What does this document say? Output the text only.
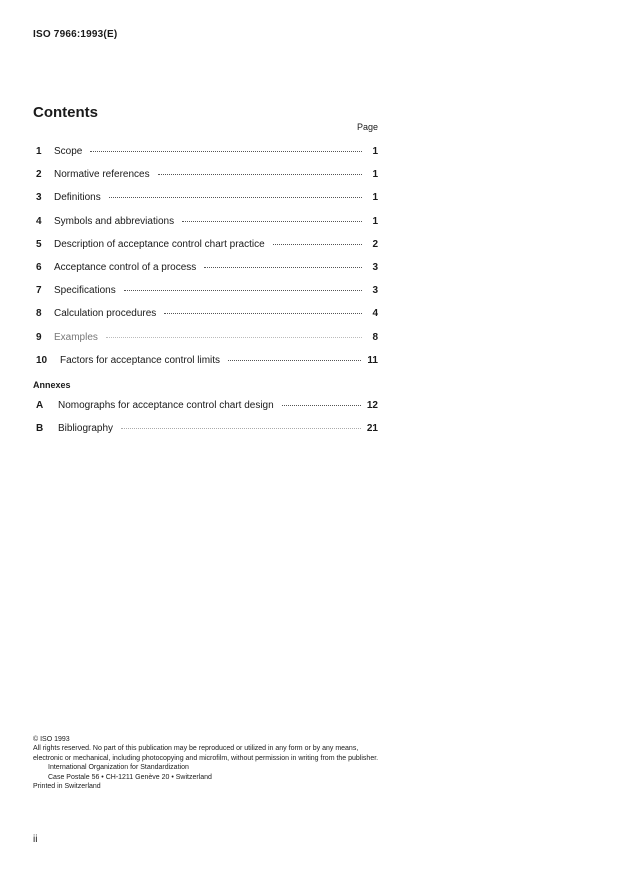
ISO 7966:1993(E)
Contents
Page
1	Scope	1
2	Normative references	1
3	Definitions	1
4	Symbols and abbreviations	1
5	Description of acceptance control chart practice	2
6	Acceptance control of a process	3
7	Specifications	3
8	Calculation procedures	4
9	Examples	8
10	Factors for acceptance control limits	11
Annexes
A	Nomographs for acceptance control chart design	12
B	Bibliography	21
© ISO 1993
All rights reserved. No part of this publication may be reproduced or utilized in any form or by any means, electronic or mechanical, including photocopying and microfilm, without permission in writing from the publisher.
International Organization for Standardization
Case Postale 56 • CH-1211 Genève 20 • Switzerland
Printed in Switzerland
ii
